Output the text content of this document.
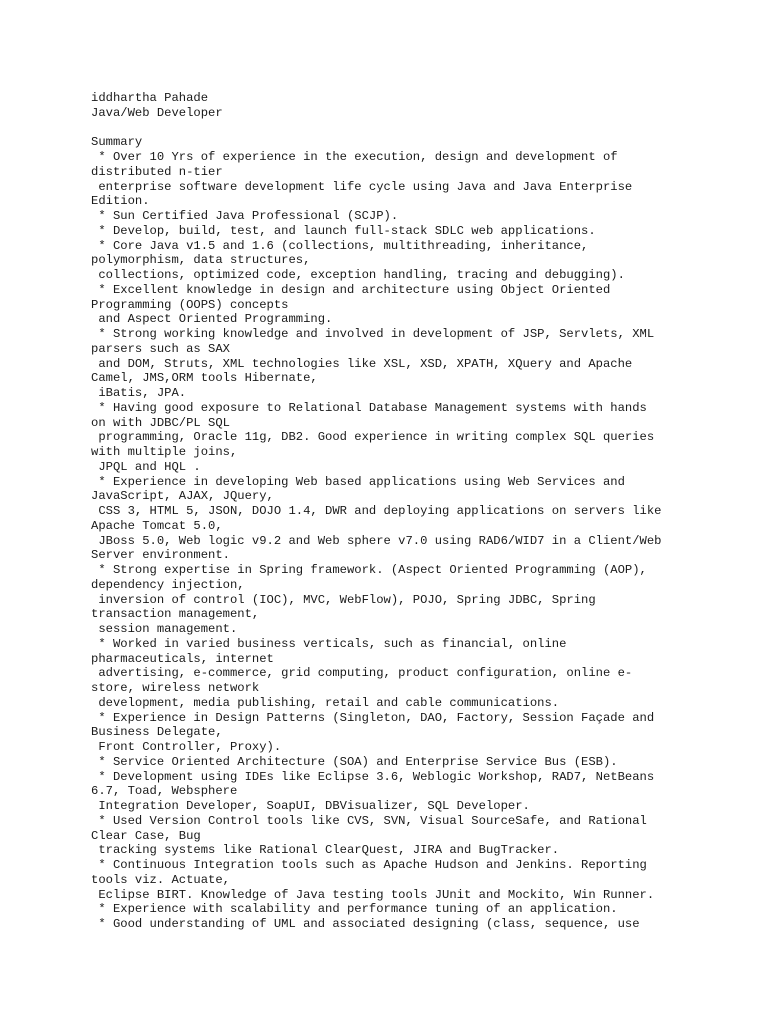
iddhartha Pahade
Java/Web Developer

Summary
* Over 10 Yrs of experience in the execution, design and development of
distributed n-tier
enterprise software development life cycle using Java and Java Enterprise
Edition.
* Sun Certified Java Professional (SCJP).
* Develop, build, test, and launch full-stack SDLC web applications.
* Core Java v1.5 and 1.6 (collections, multithreading, inheritance,
polymorphism, data structures,
collections, optimized code, exception handling, tracing and debugging).
* Excellent knowledge in design and architecture using Object Oriented
Programming (OOPS) concepts
and Aspect Oriented Programming.
* Strong working knowledge and involved in development of JSP, Servlets, XML
parsers such as SAX
and DOM, Struts, XML technologies like XSL, XSD, XPATH, XQuery and Apache
Camel, JMS,ORM tools Hibernate,
iBatis, JPA.
* Having good exposure to Relational Database Management systems with hands
on with JDBC/PL SQL
programming, Oracle 11g, DB2. Good experience in writing complex SQL queries
with multiple joins,
JPQL and HQL .
* Experience in developing Web based applications using Web Services and
JavaScript, AJAX, JQuery,
CSS 3, HTML 5, JSON, DOJO 1.4, DWR and deploying applications on servers like
Apache Tomcat 5.0,
JBoss 5.0, Web logic v9.2 and Web sphere v7.0 using RAD6/WID7 in a Client/Web
Server environment.
* Strong expertise in Spring framework. (Aspect Oriented Programming (AOP),
dependency injection,
inversion of control (IOC), MVC, WebFlow), POJO, Spring JDBC, Spring
transaction management,
session management.
* Worked in varied business verticals, such as financial, online
pharmaceuticals, internet
advertising, e-commerce, grid computing, product configuration, online e-
store, wireless network
development, media publishing, retail and cable communications.
* Experience in Design Patterns (Singleton, DAO, Factory, Session Façade and
Business Delegate,
Front Controller, Proxy).
* Service Oriented Architecture (SOA) and Enterprise Service Bus (ESB).
* Development using IDEs like Eclipse 3.6, Weblogic Workshop, RAD7, NetBeans
6.7, Toad, Websphere
Integration Developer, SoapUI, DBVisualizer, SQL Developer.
* Used Version Control tools like CVS, SVN, Visual SourceSafe, and Rational
Clear Case, Bug
tracking systems like Rational ClearQuest, JIRA and BugTracker.
* Continuous Integration tools such as Apache Hudson and Jenkins. Reporting
tools viz. Actuate,
Eclipse BIRT. Knowledge of Java testing tools JUnit and Mockito, Win Runner.
* Experience with scalability and performance tuning of an application.
* Good understanding of UML and associated designing (class, sequence, use
